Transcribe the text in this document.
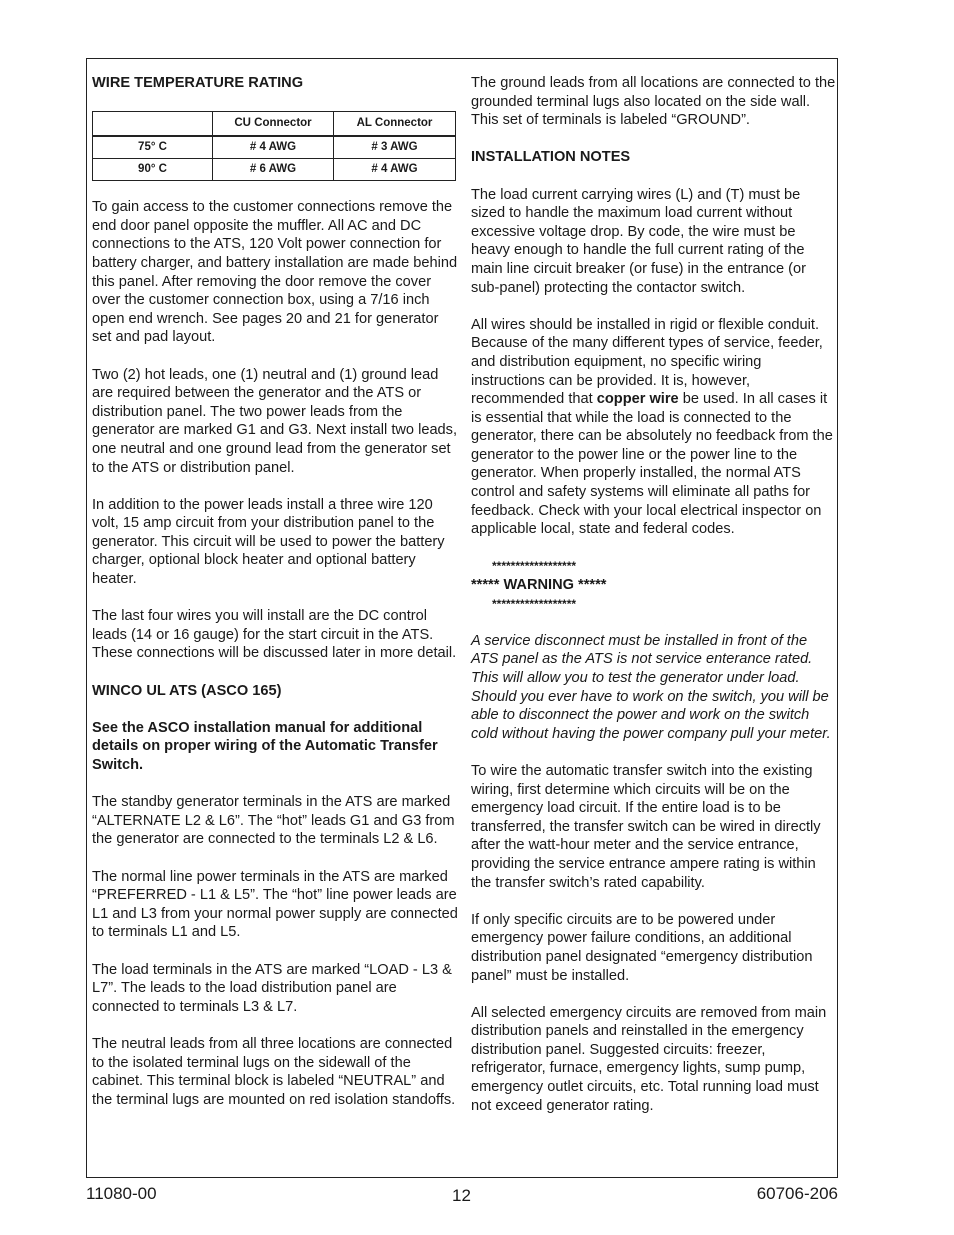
WIRE TEMPERATURE RATING

	CU Connector	AL Connector
75° C	# 4 AWG	# 3 AWG
90° C	# 6 AWG	# 4 AWG

To gain access to the customer connections remove the end door panel opposite the muffler. All AC and DC connections to the ATS, 120 Volt power connection for battery charger, and battery installation are made behind this panel. After removing the door remove the cover over the customer connection box, using a 7/16 inch open end wrench. See pages 20 and 21 for generator set and pad layout.

Two (2) hot leads, one (1) neutral and (1) ground lead are required between the generator and the ATS or distribution panel. The two power leads from the generator are marked G1 and G3. Next install two leads, one neutral and one ground lead from the generator set to the ATS or distribution panel.

In addition to the power leads install a three wire 120 volt, 15 amp circuit from your distribution panel to the generator. This circuit will be used to power the battery charger, optional block heater and optional battery heater.

The last four wires you will install are the DC control leads (14 or 16 gauge) for the start circuit in the ATS. These connections will be discussed later in more detail.

WINCO UL ATS (ASCO 165)

See the ASCO installation manual for additional details on proper wiring of the Automatic Transfer Switch.

The standby generator terminals in the ATS are marked “ALTERNATE L2 & L6”. The “hot” leads G1 and G3 from the generator are connected to the terminals L2 & L6.

The normal line power terminals in the ATS are marked “PREFERRED - L1 & L5”. The “hot” line power leads are L1 and L3 from your normal power supply are connected to terminals L1 and L5.

The load terminals in the ATS are marked “LOAD - L3 & L7”. The leads to the load distribution panel are connected to terminals L3 & L7.

The neutral leads from all three locations are connected to the isolated terminal lugs on the sidewall of the cabinet. This terminal block is labeled “NEUTRAL” and the terminal lugs are mounted on red isolation standoffs.

The ground leads from all locations are connected to the grounded terminal lugs also located on the side wall. This set of terminals is labeled “GROUND”.

INSTALLATION NOTES

The load current carrying wires (L) and (T) must be sized to handle the maximum load current without excessive voltage drop. By code, the wire must be heavy enough to handle the full current rating of the main line circuit breaker (or fuse) in the entrance (or sub-panel) protecting the contactor switch.

All wires should be installed in rigid or flexible conduit. Because of the many different types of service, feeder, and distribution equipment, no specific wiring instructions can be provided. It is, however, recommended that copper wire be used. In all cases it is essential that while the load is connected to the generator, there can be absolutely no feedback from the generator to the power line or the power line to the generator. When properly installed, the normal ATS control and safety systems will eliminate all paths for feedback. Check with your local electrical inspector on applicable local, state and federal codes.

******************
***** WARNING *****
******************

A service disconnect must be installed in front of the ATS panel as the ATS is not service enterance rated. This will allow you to test the generator under load. Should you ever have to work on the switch, you will be able to disconnect the power and work on the switch cold without having the power company pull your meter.

To wire the automatic transfer switch into the existing wiring, first determine which circuits will be on the emergency load circuit. If the entire load is to be transferred, the transfer switch can be wired in directly after the watt-hour meter and the service entrance, providing the service entrance ampere rating is within the transfer switch’s rated capability.

If only specific circuits are to be powered under emergency power failure conditions, an additional distribution panel designated “emergency distribution panel” must be installed.

All selected emergency circuits are removed from main distribution panels and reinstalled in the emergency distribution panel. Suggested circuits: freezer, refrigerator, furnace, emergency lights, sump pump, emergency outlet circuits, etc. Total running load must not exceed generator rating.

11080-00	12	60706-206
